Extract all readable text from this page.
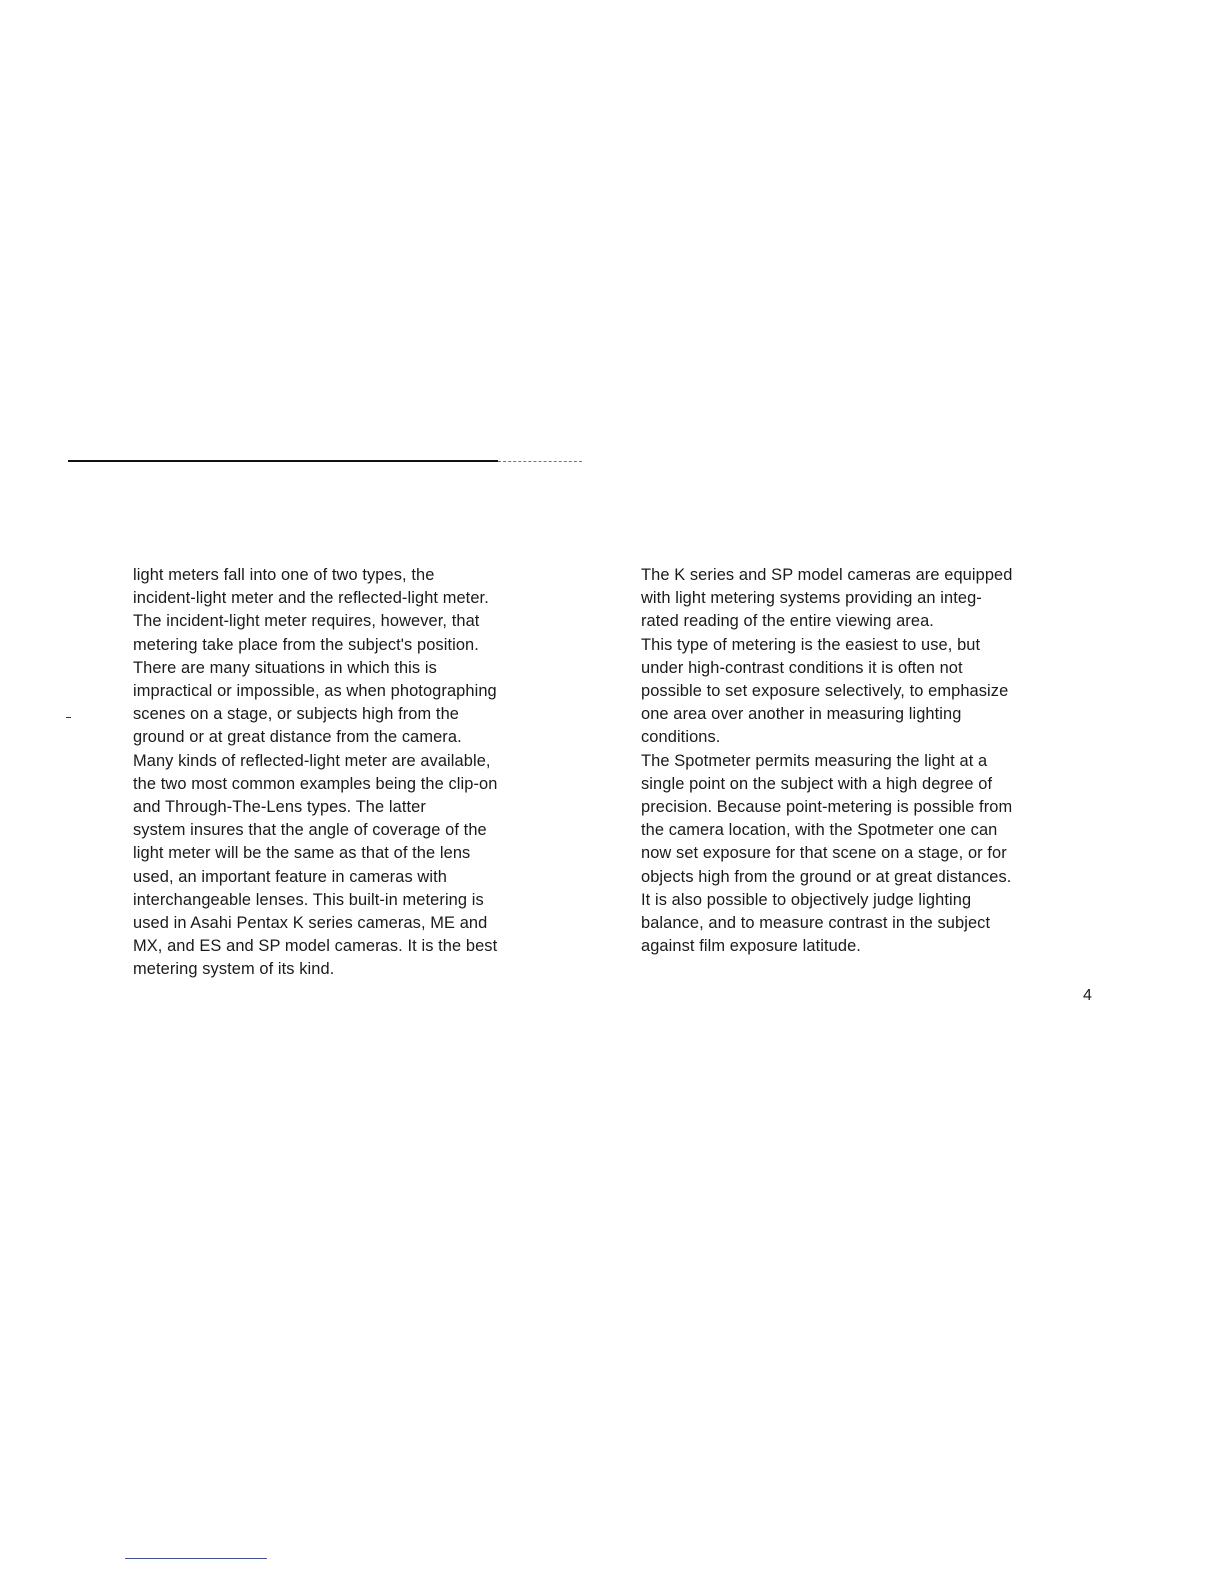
light meters fall into one of two types, the
incident-light meter and the reflected-light meter.
The incident-light meter requires, however, that
metering take place from the subject's position.
There are many situations in which this is
impractical or impossible, as when photographing
scenes on a stage, or subjects high from the
ground or at great distance from the camera.
Many kinds of reflected-light meter are available,
the two most common examples being the clip-on
and Through-The-Lens types. The latter
system insures that the angle of coverage of the
light meter will be the same as that of the lens
used, an important feature in cameras with
interchangeable lenses. This built-in metering is
used in Asahi Pentax K series cameras, ME and
MX, and ES and SP model cameras. It is the best
metering system of its kind.

The K series and SP model cameras are equipped
with light metering systems providing an integ-
rated reading of the entire viewing area.
This type of metering is the easiest to use, but
under high-contrast conditions it is often not
possible to set exposure selectively, to emphasize
one area over another in measuring lighting
conditions.
The Spotmeter permits measuring the light at a
single point on the subject with a high degree of
precision. Because point-metering is possible from
the camera location, with the Spotmeter one can
now set exposure for that scene on a stage, or for
objects high from the ground or at great distances.
It is also possible to objectively judge lighting
balance, and to measure contrast in the subject
against film exposure latitude.

4
